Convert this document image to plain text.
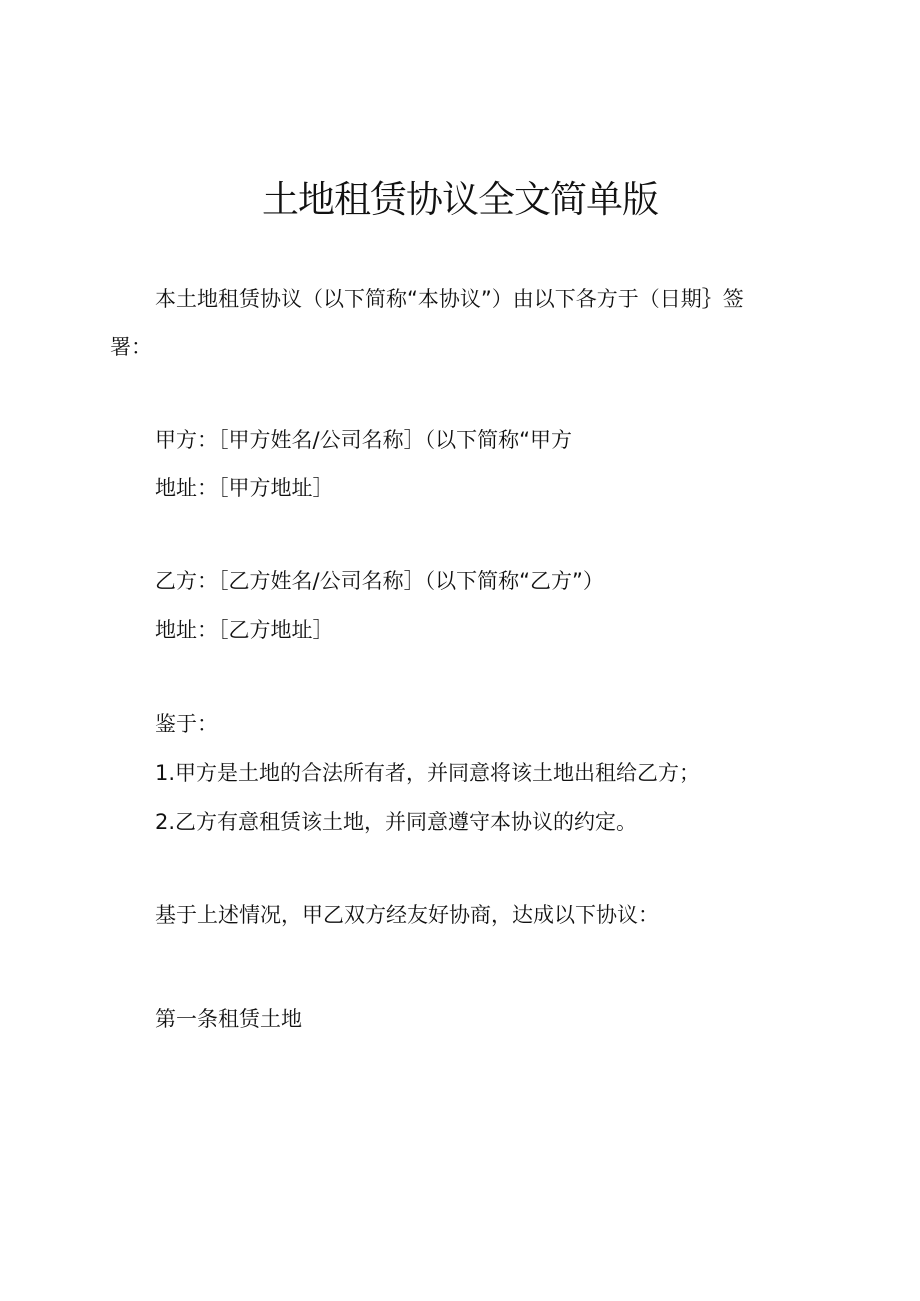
土地租赁协议全文简单版

本土地租赁协议（以下简称“本协议”）由以下各方于（日期｝签

署：

甲方：［甲方姓名/公司名称］（以下简称“甲方

地址：［甲方地址］

乙方：［乙方姓名/公司名称］（以下简称“乙方”）

地址：［乙方地址］

鉴于：

1.甲方是土地的合法所有者，并同意将该土地出租给乙方；

2.乙方有意租赁该土地，并同意遵守本协议的约定。

基于上述情况，甲乙双方经友好协商，达成以下协议：

第一条租赁土地
